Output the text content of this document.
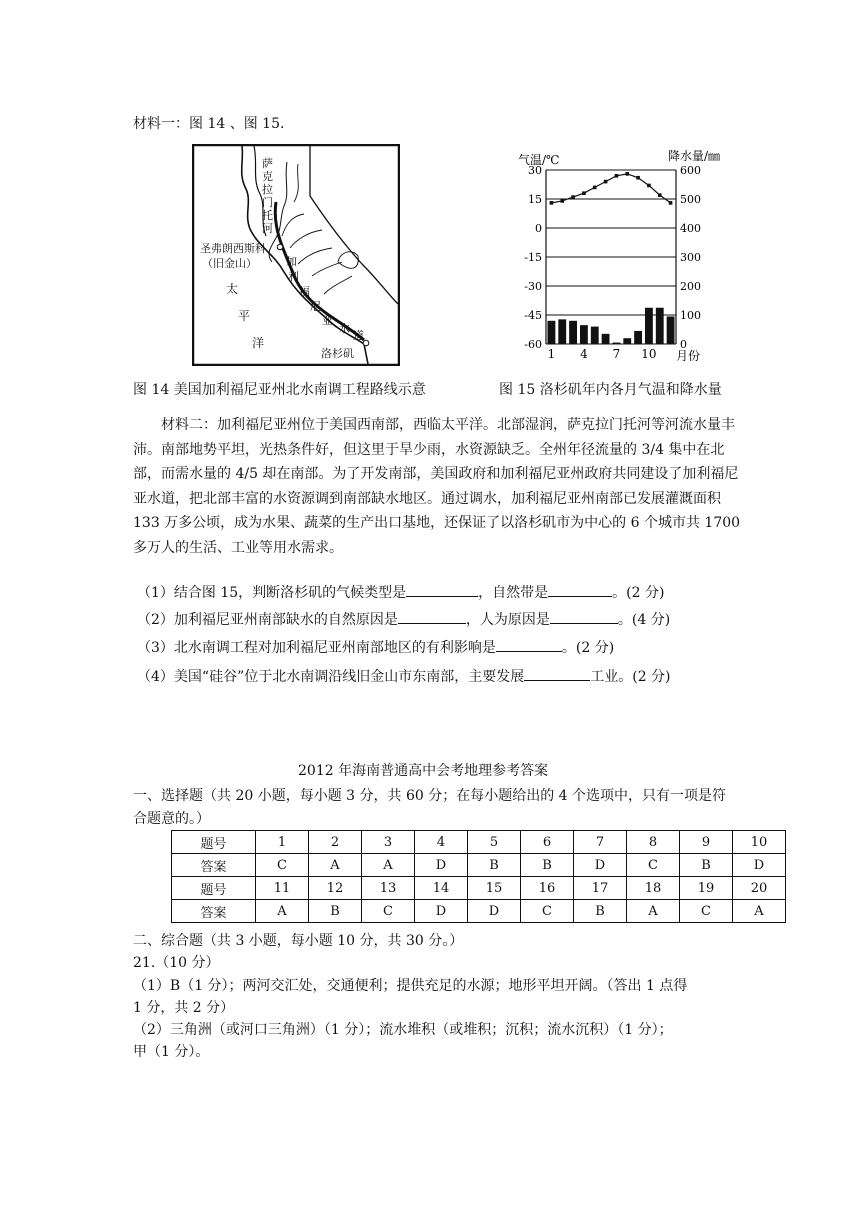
材料一：图 14 、图 15.
萨
克
拉
门
托
河
圣弗朗西斯科
（旧金山）
太
平
洋
加
利
福
尼
亚
水
道
洛杉矶
气温/℃	降水量/㎜
30	600
15	500
0	400
-15	300
-30	200
-45	100
-60	0
1 4 7 10 月份
图 14 美国加利福尼亚州北水南调工程路线示意	图 15 洛杉矶年内各月气温和降水量
材料二：加利福尼亚州位于美国西南部，西临太平洋。北部湿润，萨克拉门托河等河流水量丰沛。南部地势平坦，光热条件好，但这里于旱少雨，水资源缺乏。全州年径流量的 3/4 集中在北部，而需水量的 4/5 却在南部。为了开发南部，美国政府和加利福尼亚州政府共同建设了加利福尼亚水道，把北部丰富的水资源调到南部缺水地区。通过调水，加利福尼亚州南部已发展灌溉面积 133 万多公顷，成为水果、蔬菜的生产出口基地，还保证了以洛杉矶市为中心的 6 个城市共 1700 多万人的生活、工业等用水需求。
（1）结合图 15，判断洛杉矶的气候类型是	，自然带是	。(2 分)
（2）加利福尼亚州南部缺水的自然原因是	，人为原因是	。(4 分)
（3）北水南调工程对加利福尼亚州南部地区的有利影响是	。(2 分)
（4）美国“硅谷”位于北水南调沿线旧金山市东南部，主要发展	工业。(2 分)
2012 年海南普通高中会考地理参考答案
一、选择题（共 20 小题，每小题 3 分，共 60 分；在每小题给出的 4 个选项中，只有一项是符
合题意的。）
题号	1	2	3	4	5	6	7	8	9	10
答案	C	A	A	D	B	B	D	C	B	D
题号	11	12	13	14	15	16	17	18	19	20
答案	A	B	C	D	D	C	B	A	C	A
二、综合题（共 3 小题，每小题 10 分，共 30 分。）
21.（10 分）
（1）B（1 分）；两河交汇处，交通便利；提供充足的水源；地形平坦开阔。（答出 1 点得
1 分，共 2 分）
（2）三角洲（或河口三角洲）（1 分）；流水堆积（或堆积；沉积；流水沉积）（1 分）；
甲（1 分）。
